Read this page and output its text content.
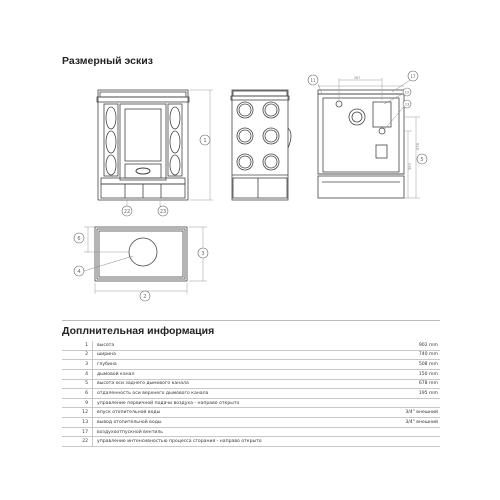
Размерный эскиз
1
22	23
6
4
3
2
11
17
12
13
5
387
678
563
Доплнительная информация
1	высота	902 mm
2	ширина	740 mm
3	глубина	508 mm
4	дымовой канал	150 mm
5	высота оси заднего дымового канала	678 mm
6	отдаленность оси верхнего дымового канала	195 mm
9	управление первичной подачи воздуха - направо открыто	
12	впуск отопительной воды	3/4" внешний
13	вывод отопительной воды	3/4" внешний
17	воздухоотпускной вентиль	
22	управление интенсивностью процесса сгорания - направо открыто	
